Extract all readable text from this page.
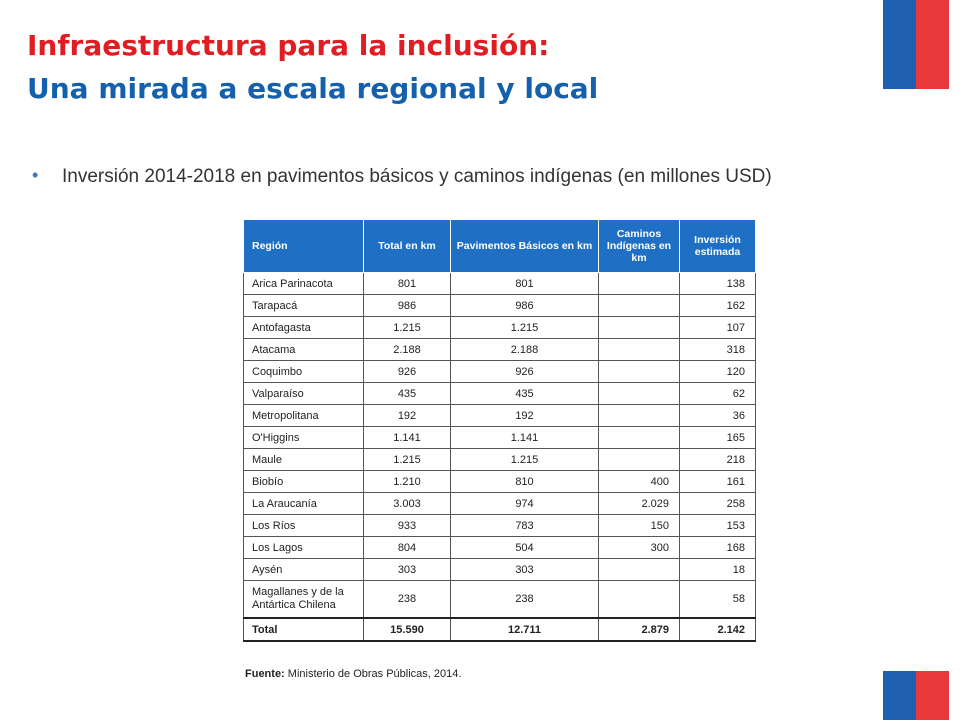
Infraestructura para la inclusión:
Una mirada a escala regional y local
•	Inversión 2014-2018 en pavimentos básicos y caminos indígenas (en millones USD)
Región	Total en km	Pavimentos Básicos en km	Caminos Indígenas en km	Inversión estimada
Arica Parinacota	801	801		138
Tarapacá	986	986		162
Antofagasta	1.215	1.215		107
Atacama	2.188	2.188		318
Coquimbo	926	926		120
Valparaíso	435	435		62
Metropolitana	192	192		36
O'Higgins	1.141	1.141		165
Maule	1.215	1.215		218
Biobío	1.210	810	400	161
La Araucanía	3.003	974	2.029	258
Los Ríos	933	783	150	153
Los Lagos	804	504	300	168
Aysén	303	303		18
Magallanes y de la Antártica Chilena	238	238		58
Total	15.590	12.711	2.879	2.142
Fuente: Ministerio de Obras Públicas, 2014.
